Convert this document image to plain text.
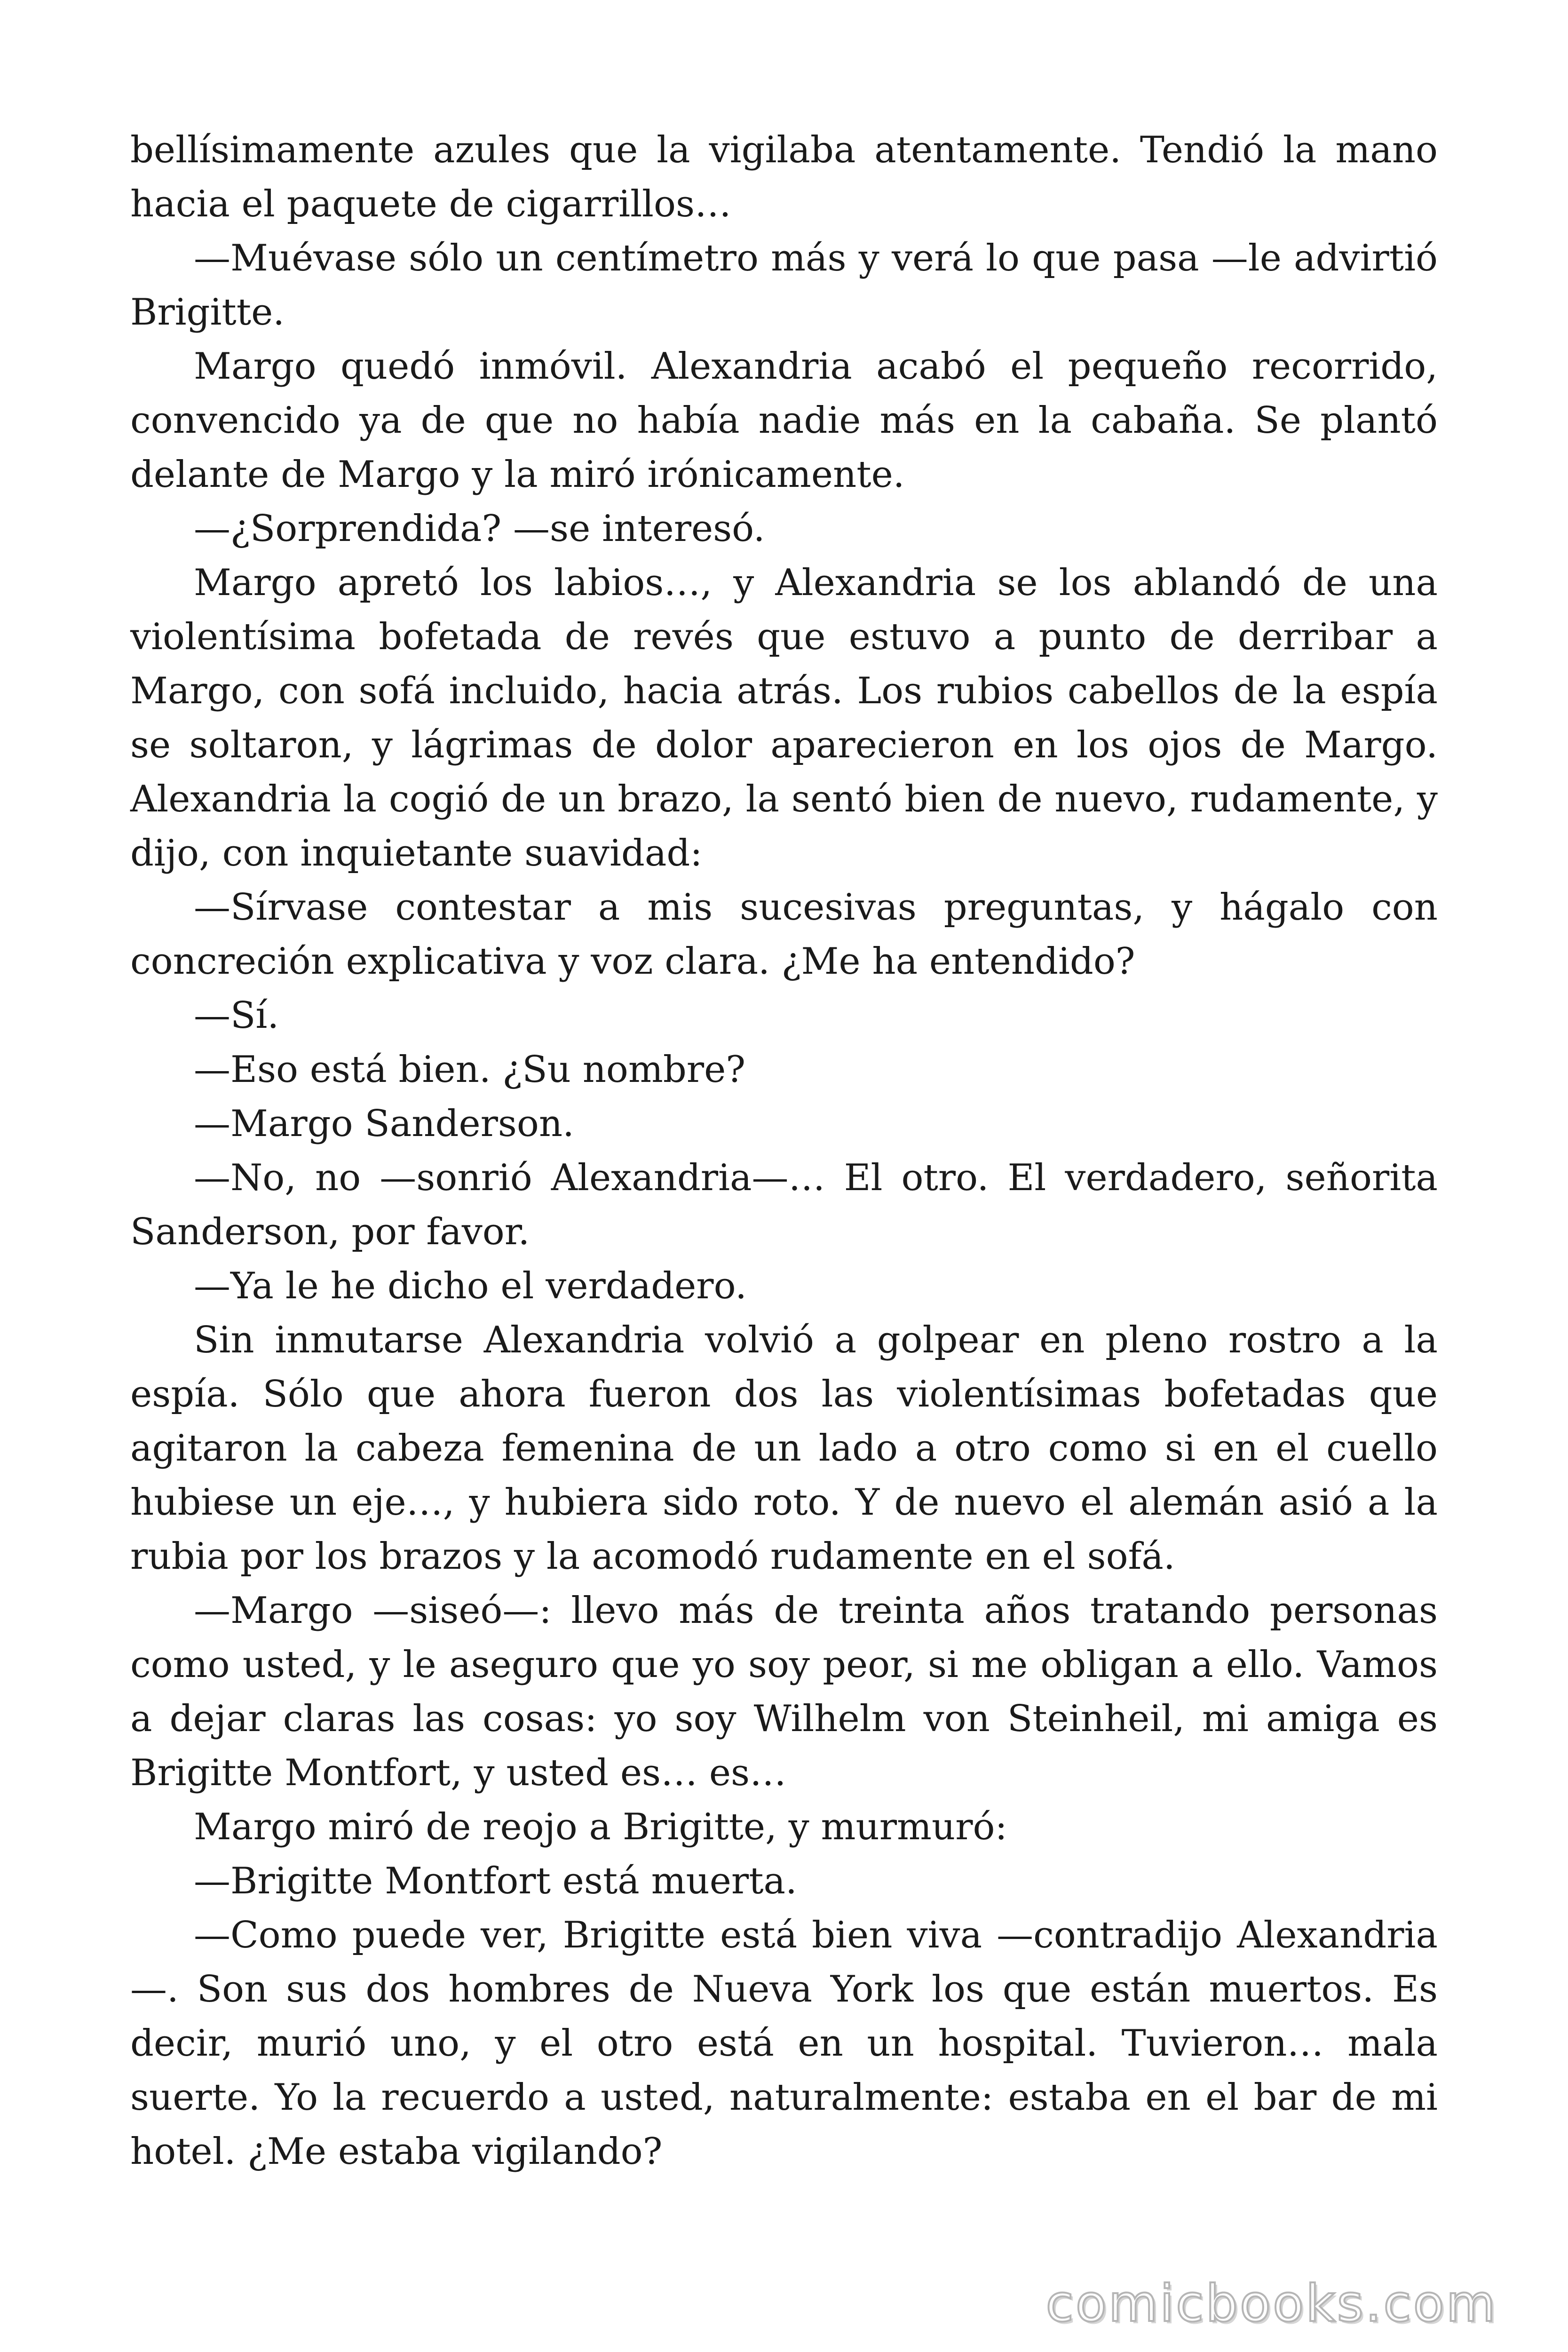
bellísimamente azules que la vigilaba atentamente. Tendió la mano hacia el paquete de cigarrillos…

—Muévase sólo un centímetro más y verá lo que pasa —le advirtió Brigitte.

Margo quedó inmóvil. Alexandria acabó el pequeño recorrido, convencido ya de que no había nadie más en la cabaña. Se plantó delante de Margo y la miró irónicamente.

—¿Sorprendida? —se interesó.

Margo apretó los labios…, y Alexandria se los ablandó de una violentísima bofetada de revés que estuvo a punto de derribar a Margo, con sofá incluido, hacia atrás. Los rubios cabellos de la espía se soltaron, y lágrimas de dolor aparecieron en los ojos de Margo. Alexandria la cogió de un brazo, la sentó bien de nuevo, rudamente, y dijo, con inquietante suavidad:

—Sírvase contestar a mis sucesivas preguntas, y hágalo con concreción explicativa y voz clara. ¿Me ha entendido?

—Sí.

—Eso está bien. ¿Su nombre?

—Margo Sanderson.

—No, no —sonrió Alexandria—… El otro. El verdadero, señorita Sanderson, por favor.

—Ya le he dicho el verdadero.

Sin inmutarse Alexandria volvió a golpear en pleno rostro a la espía. Sólo que ahora fueron dos las violentísimas bofetadas que agitaron la cabeza femenina de un lado a otro como si en el cuello hubiese un eje…, y hubiera sido roto. Y de nuevo el alemán asió a la rubia por los brazos y la acomodó rudamente en el sofá.

—Margo —siseó—: llevo más de treinta años tratando personas como usted, y le aseguro que yo soy peor, si me obligan a ello. Vamos a dejar claras las cosas: yo soy Wilhelm von Steinheil, mi amiga es Brigitte Montfort, y usted es… es…

Margo miró de reojo a Brigitte, y murmuró:

—Brigitte Montfort está muerta.

—Como puede ver, Brigitte está bien viva —contradijo Alexandria—. Son sus dos hombres de Nueva York los que están muertos. Es decir, murió uno, y el otro está en un hospital. Tuvieron… mala suerte. Yo la recuerdo a usted, naturalmente: estaba en el bar de mi hotel. ¿Me estaba vigilando?

comicbooks.com
